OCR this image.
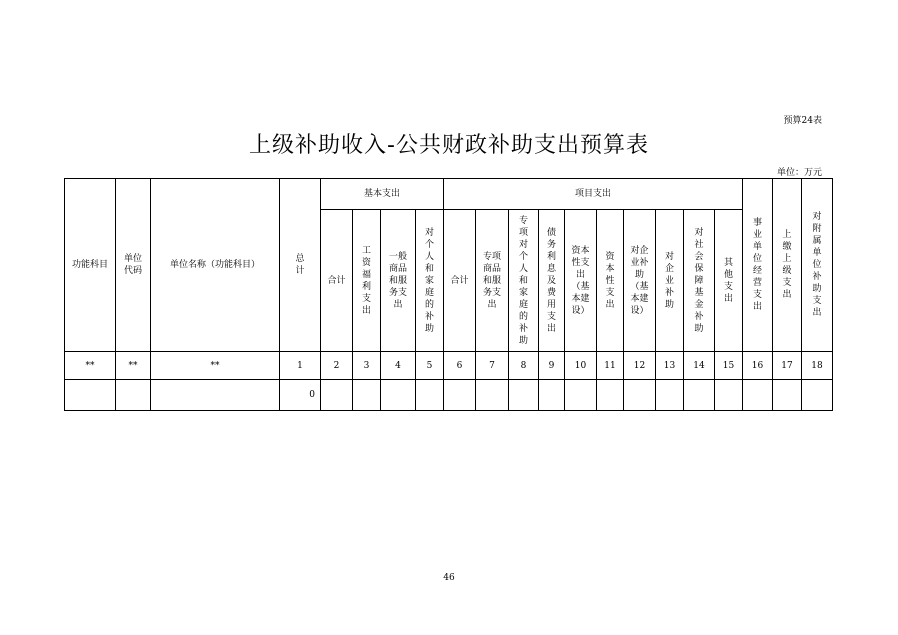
预算24表
上级补助收入-公共财政补助支出预算表
单位：万元
功能科目	单位代码	单位名称（功能科目）	总计	基本支出				项目支出										事业单位经营支出	上缴上级支出	对附属单位补助支出

				合计	工资福利支出	一般商品和服务支出	对个人和家庭的补助	合计	专项商品和服务支出	专项对个人和家庭的补助	债务利息及费用支出	资本性支出（基本建设）	资本性支出	对企业补助（基本建设）	对企业补助	对社会保障基金补助	其他支出			

**	**	**	1	2	3	4	5	6	7	8	9	10	11	12	13	14	15	16	17	18
			0																	
46
